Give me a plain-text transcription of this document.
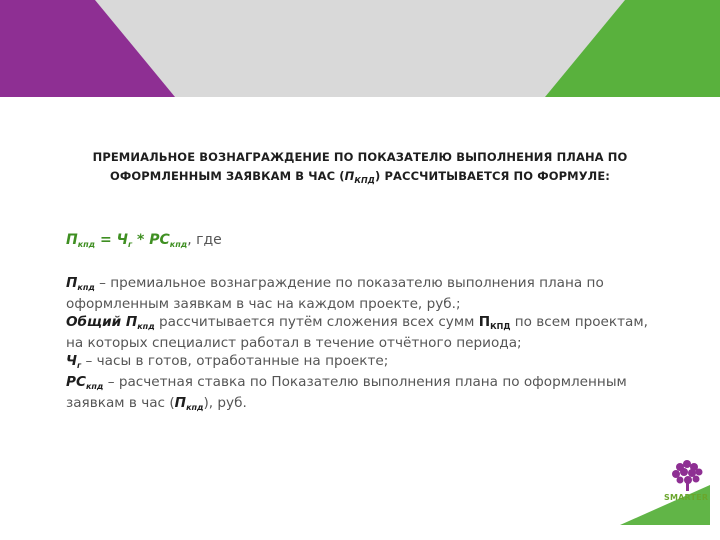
ПРЕМИАЛЬНОЕ ВОЗНАГРАЖДЕНИЕ ПО ПОКАЗАТЕЛЮ ВЫПОЛНЕНИЯ ПЛАНА ПО
ОФОРМЛЕННЫМ ЗАЯВКАМ В ЧАС $(П_{КПД})$ РАССЧИТЫВАЕТСЯ ПО ФОРМУЛЕ:
$П_{кпд} = Ч_г * РС_{кпд}$, где

$П_{кпд}$ – премиальное вознаграждение по показателю выполнения плана по оформленным заявкам в час на каждом проекте, руб.;

Общий $П_{кпд}$ рассчитывается путём сложения всех сумм $П_{КПД}$ по всем проектам, на которых специалист работал в течение отчётного периода;

$Ч_г$ – часы в готов, отработанные на проекте;

$РС_{кпд}$ – расчетная ставка по Показателю выполнения плана по оформленным заявкам в час $(П_{кпд})$, руб.

SMARTER
